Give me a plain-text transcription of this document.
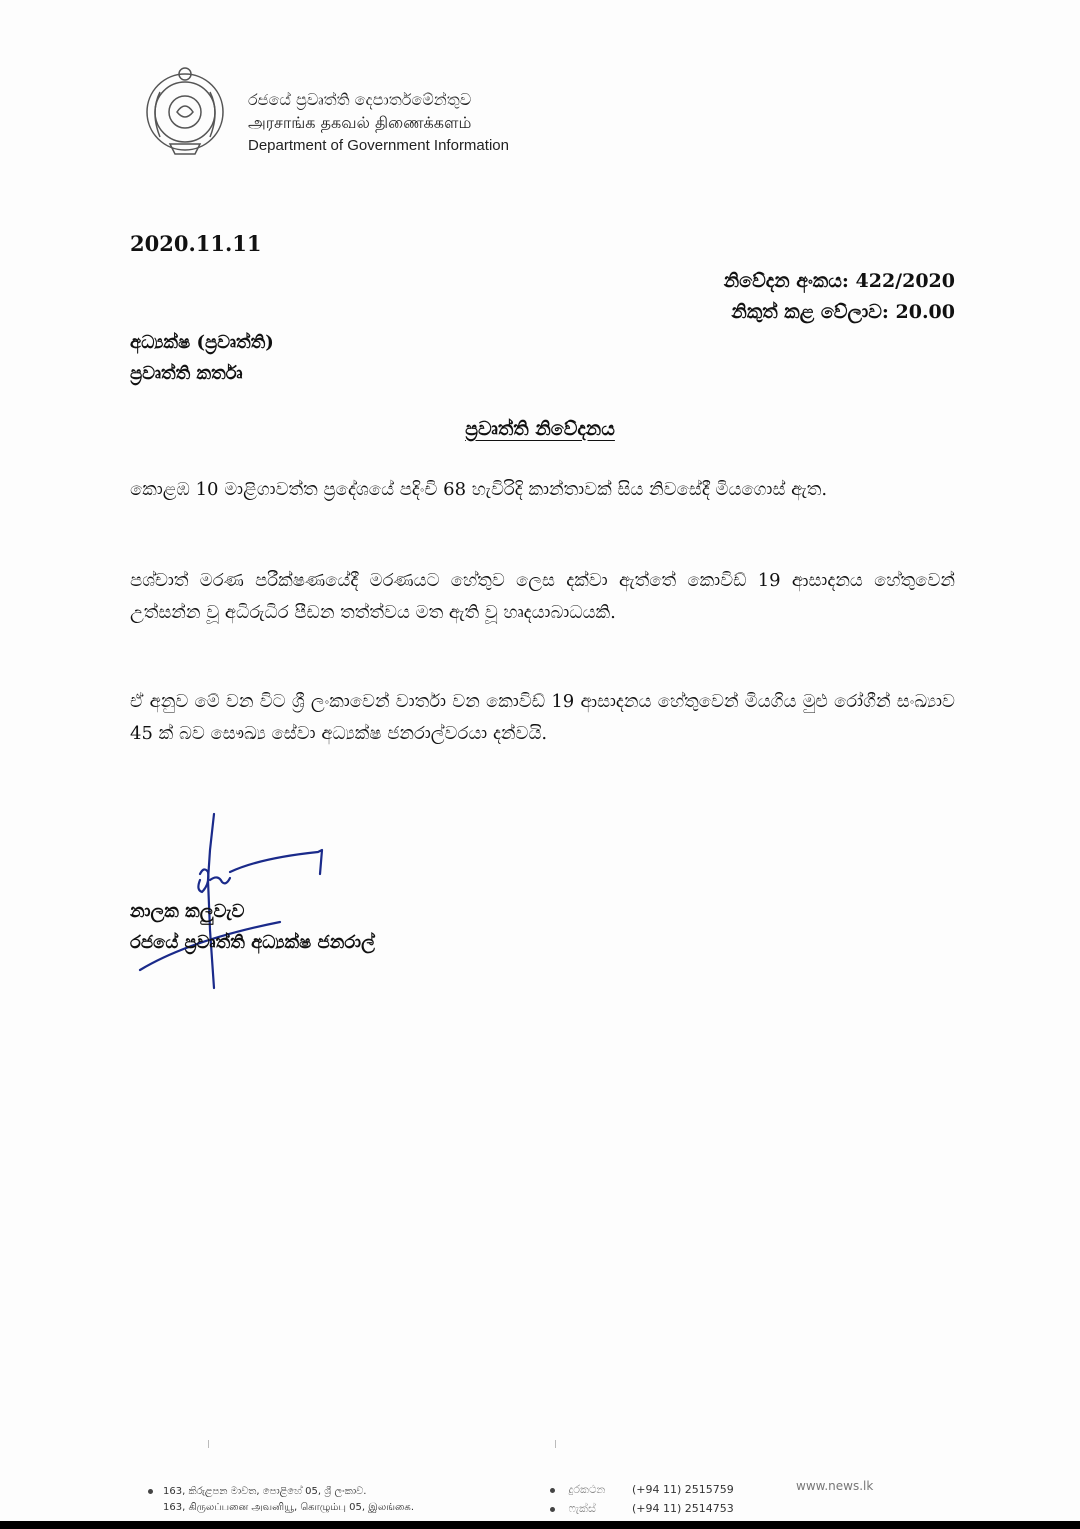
රජයේ ප්‍රවෘත්ති දෙපාර්තමේන්තුව
அரசாங்க தகவல் திணைக்களம்
Department of Government Information
2020.11.11
නිවේදන අංකය: 422/2020
නිකුත් කළ වේලාව: 20.00
අධ්‍යක්ෂ (ප්‍රවෘත්ති)
ප්‍රවෘත්ති කර්තෘ
ප්‍රවෘත්ති නිවේදනය
කොළඹ 10 මාළිගාවත්ත ප්‍රදේශයේ පදිංචි 68 හැවිරිදි කාන්තාවක් සිය නිවසේදී මියගොස් ඇත.
පශ්චාත් මරණ පරීක්ෂණයේදී මරණයට හේතුව ලෙස දක්වා ඇත්තේ කොවිඩ් 19 ආසාදනය හේතුවෙන් උත්සන්න වූ අධිරුධිර පීඩන තත්ත්වය මත ඇති වූ හෘදයාබාධයකි.
ඒ අනුව මේ වන විට ශ්‍රී ලංකාවෙන් වාර්තා වන කොවිඩ් 19 ආසාදනය හේතුවෙන් මියගිය මුළු රෝගීන් සංඛ්‍යාව 45 ක් බව සෞඛ්‍ය සේවා අධ්‍යක්ෂ ජනරාල්වරයා දන්වයි.
නාලක කලුවැව
රජයේ ප්‍රවෘත්ති අධ්‍යක්ෂ ජනරාල්
163, කිරුළපන මාවත, පොළිහේ 05, ශ්‍රී ලංකාව.
163, கிருலப்பனை அவனியூ, கொழும்பு 05, இலங்கை.
දුරකථන (+94 11) 2515759
ෆැක්ස්	(+94 11) 2514753
www.news.lk
